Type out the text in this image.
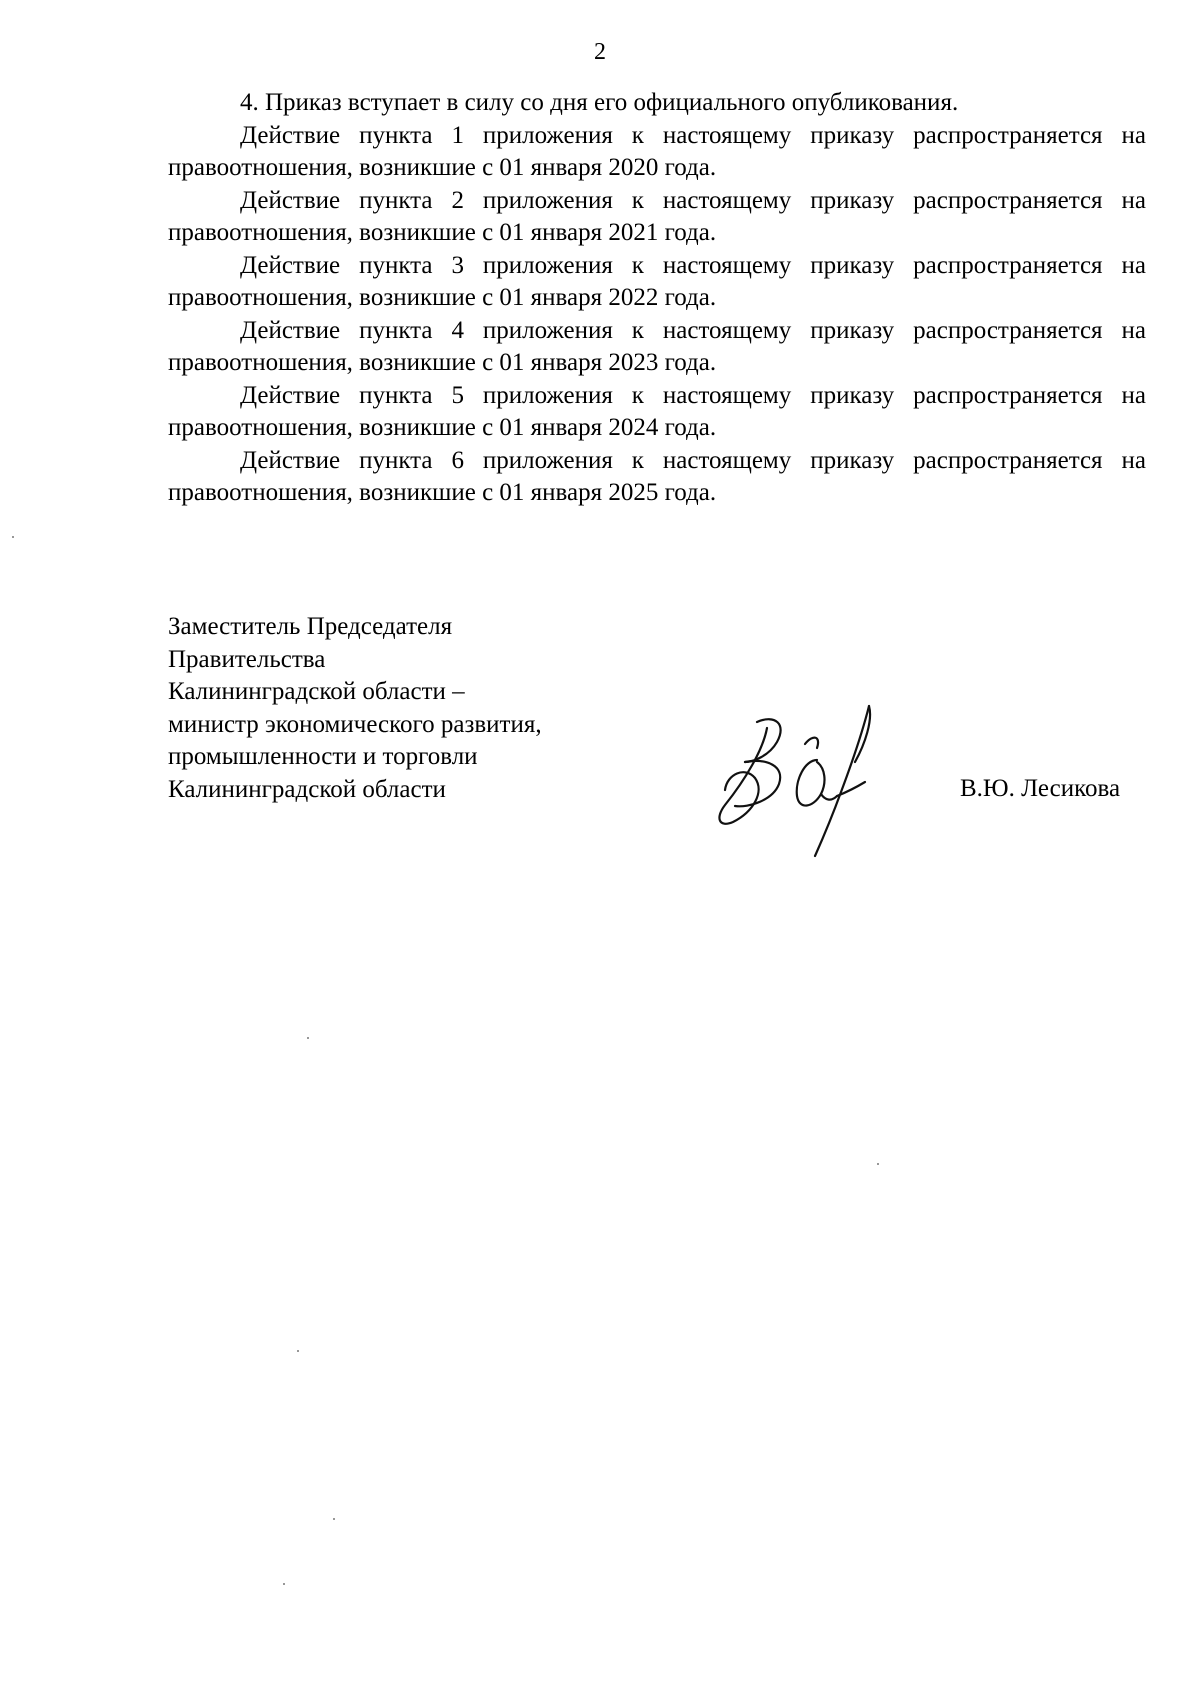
2

4. Приказ вступает в силу со дня его официального опубликования.

Действие пункта 1 приложения к настоящему приказу распространяется на правоотношения, возникшие с 01 января 2020 года.

Действие пункта 2 приложения к настоящему приказу распространяется на правоотношения, возникшие с 01 января 2021 года.

Действие пункта 3 приложения к настоящему приказу распространяется на правоотношения, возникшие с 01 января 2022 года.

Действие пункта 4 приложения к настоящему приказу распространяется на правоотношения, возникшие с 01 января 2023 года.

Действие пункта 5 приложения к настоящему приказу распространяется на правоотношения, возникшие с 01 января 2024 года.

Действие пункта 6 приложения к настоящему приказу распространяется на правоотношения, возникшие с 01 января 2025 года.

Заместитель Председателя
Правительства
Калининградской области –
министр экономического развития,
промышленности и торговли
Калининградской области	В.Ю. Лесикова
